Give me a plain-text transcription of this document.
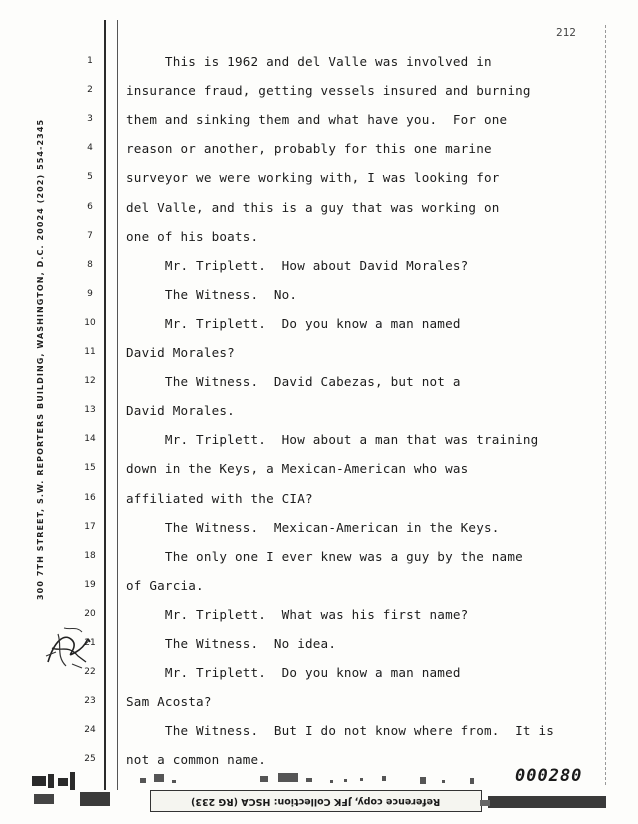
212
300 7TH STREET, S.W. REPORTERS BUILDING, WASHINGTON, D.C. 20024 (202) 554-2345
1
2
3
4
5
6
7
8
9
10
11
12
13
14
15
16
17
18
19
20
21
22
23
24
25
This is 1962 and del Valle was involved in
insurance fraud, getting vessels insured and burning
them and sinking them and what have you.  For one
reason or another, probably for this one marine
surveyor we were working with, I was looking for
del Valle, and this is a guy that was working on
one of his boats.
Mr. Triplett.  How about David Morales?
The Witness.  No.
Mr. Triplett.  Do you know a man named
David Morales?
The Witness.  David Cabezas, but not a
David Morales.
Mr. Triplett.  How about a man that was training
down in the Keys, a Mexican-American who was
affiliated with the CIA?
The Witness.  Mexican-American in the Keys.
The only one I ever knew was a guy by the name
of Garcia.
Mr. Triplett.  What was his first name?
The Witness.  No idea.
Mr. Triplett.  Do you know a man named
Sam Acosta?
The Witness.  But I do not know where from.  It is
not a common name.
000280
Reference copy, JFK Collection: HSCA (RG 233)
